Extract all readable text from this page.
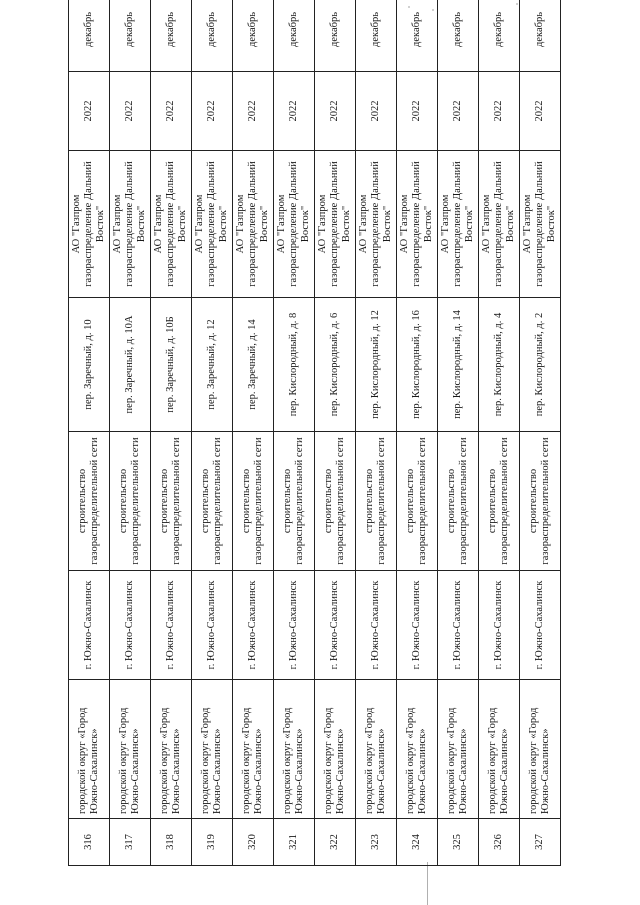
316	городской округ «Город Южно-Сахалинск»	г. Южно-Сахалинск	строительство газораспределительной сети	пер. Заречный, д. 10	АО "Газпром газораспределение Дальний Восток"	2022	декабрь
317	городской округ «Город Южно-Сахалинск»	г. Южно-Сахалинск	строительство газораспределительной сети	пер. Заречный, д. 10А	АО "Газпром газораспределение Дальний Восток"	2022	декабрь
318	городской округ «Город Южно-Сахалинск»	г. Южно-Сахалинск	строительство газораспределительной сети	пер. Заречный, д. 10Б	АО "Газпром газораспределение Дальний Восток"	2022	декабрь
319	городской округ «Город Южно-Сахалинск»	г. Южно-Сахалинск	строительство газораспределительной сети	пер. Заречный, д. 12	АО "Газпром газораспределение Дальний Восток"	2022	декабрь
320	городской округ «Город Южно-Сахалинск»	г. Южно-Сахалинск	строительство газораспределительной сети	пер. Заречный, д. 14	АО "Газпром газораспределение Дальний Восток"	2022	декабрь
321	городской округ «Город Южно-Сахалинск»	г. Южно-Сахалинск	строительство газораспределительной сети	пер. Кислородный, д. 8	АО "Газпром газораспределение Дальний Восток"	2022	декабрь
322	городской округ «Город Южно-Сахалинск»	г. Южно-Сахалинск	строительство газораспределительной сети	пер. Кислородный, д. 6	АО "Газпром газораспределение Дальний Восток"	2022	декабрь
323	городской округ «Город Южно-Сахалинск»	г. Южно-Сахалинск	строительство газораспределительной сети	пер. Кислородный, д. 12	АО "Газпром газораспределение Дальний Восток"	2022	декабрь
324	городской округ «Город Южно-Сахалинск»	г. Южно-Сахалинск	строительство газораспределительной сети	пер. Кислородный, д. 16	АО "Газпром газораспределение Дальний Восток"	2022	декабрь
325	городской округ «Город Южно-Сахалинск»	г. Южно-Сахалинск	строительство газораспределительной сети	пер. Кислородный, д. 14	АО "Газпром газораспределение Дальний Восток"	2022	декабрь
326	городской округ «Город Южно-Сахалинск»	г. Южно-Сахалинск	строительство газораспределительной сети	пер. Кислородный, д. 4	АО "Газпром газораспределение Дальний Восток"	2022	декабрь
327	городской округ «Город Южно-Сахалинск»	г. Южно-Сахалинск	строительство газораспределительной сети	пер. Кислородный, д. 2	АО "Газпром газораспределение Дальний Восток"	2022	декабрь
